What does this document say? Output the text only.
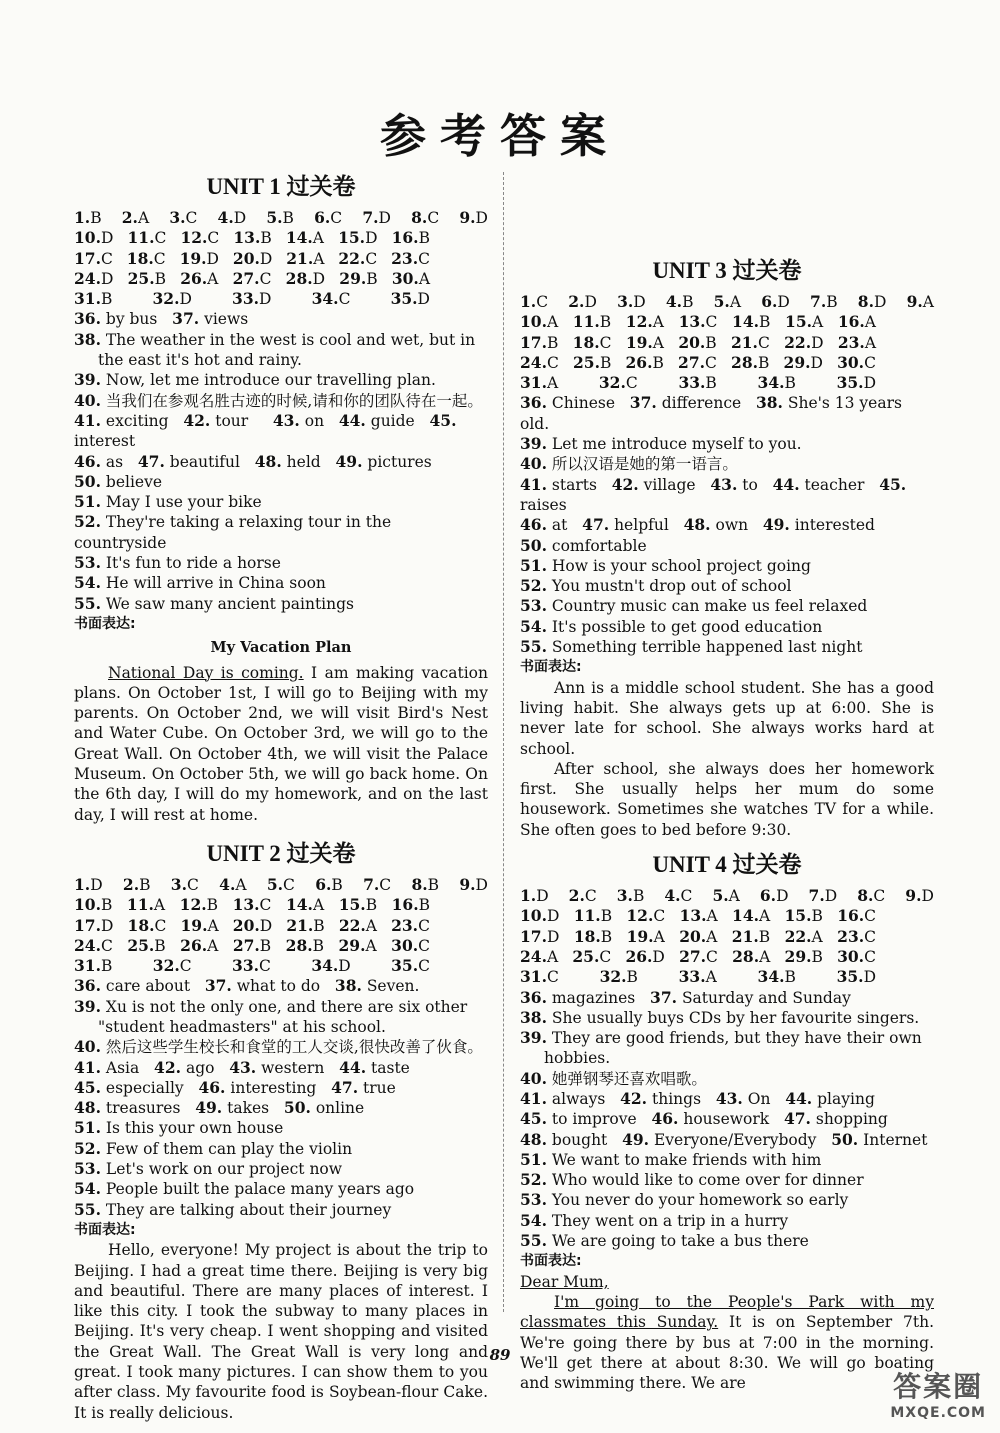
参考答案
UNIT 1 过关卷
1.B 2.A 3.C 4.D 5.B 6.C 7.D 8.C 9.D
10.D 11.C 12.C 13.B 14.A 15.D 16.B
17.C 18.C 19.D 20.D 21.A 22.C 23.C
24.D 25.B 26.A 27.C 28.D 29.B 30.A
31.B	32.D	33.D	34.C	35.D
36. by bus 37. views
38. The weather in the west is cool and wet, but in the east it's hot and rainy.
39. Now, let me introduce our travelling plan.
40. 当我们在参观名胜古迹的时候,请和你的团队待在一起。
41. exciting 42. tour 43. on 44. guide 45. interest
46. as 47. beautiful 48. held 49. pictures
50. believe
51. May I use your bike
52. They're taking a relaxing tour in the countryside
53. It's fun to ride a horse
54. He will arrive in China soon
55. We saw many ancient paintings
书面表达:
My Vacation Plan
National Day is coming. I am making vacation plans. On October 1st, I will go to Beijing with my parents. On October 2nd, we will visit Bird's Nest and Water Cube. On October 3rd, we will go to the Great Wall. On October 4th, we will visit the Palace Museum. On October 5th, we will go back home. On the 6th day, I will do my homework, and on the last day, I will rest at home.
UNIT 2 过关卷
1.D 2.B 3.C 4.A 5.C 6.B 7.C 8.B 9.D
10.B 11.A 12.B 13.C 14.A 15.B 16.B
17.D 18.C 19.A 20.D 21.B 22.A 23.C
24.C 25.B 26.A 27.B 28.B 29.A 30.C
31.B	32.C	33.C	34.D	35.C
36. care about 37. what to do 38. Seven.
39. Xu is not the only one, and there are six other "student headmasters" at his school.
40. 然后这些学生校长和食堂的工人交谈,很快改善了伙食。
41. Asia 42. ago 43. western 44. taste
45. especially 46. interesting 47. true
48. treasures 49. takes 50. online
51. Is this your own house
52. Few of them can play the violin
53. Let's work on our project now
54. People built the palace many years ago
55. They are talking about their journey
书面表达:
Hello, everyone! My project is about the trip to Beijing. I had a great time there. Beijing is very big and beautiful. There are many places of interest. I like this city. I took the subway to many places in Beijing. It's very cheap. I went shopping and visited the Great Wall. The Great Wall is very long and great. I took many pictures. I can show them to you after class. My favourite food is Soybean-flour Cake. It is really delicious.
UNIT 3 过关卷
1.C 2.D 3.D 4.B 5.A 6.D 7.B 8.D 9.A
10.A 11.B 12.A 13.C 14.B 15.A 16.A
17.B 18.C 19.A 20.B 21.C 22.D 23.A
24.C 25.B 26.B 27.C 28.B 29.D 30.C
31.A	32.C	33.B	34.B	35.D
36. Chinese 37. difference 38. She's 13 years old.
39. Let me introduce myself to you.
40. 所以汉语是她的第一语言。
41. starts 42. village 43. to 44. teacher 45. raises
46. at 47. helpful 48. own 49. interested
50. comfortable
51. How is your school project going
52. You mustn't drop out of school
53. Country music can make us feel relaxed
54. It's possible to get good education
55. Something terrible happened last night
书面表达:
Ann is a middle school student. She has a good living habit. She always gets up at 6:00. She is never late for school. She always works hard at school.
After school, she always does her homework first. She usually helps her mum do some housework. Sometimes she watches TV for a while. She often goes to bed before 9:30.
UNIT 4 过关卷
1.D 2.C 3.B 4.C 5.A 6.D 7.D 8.C 9.D
10.D 11.B 12.C 13.A 14.A 15.B 16.C
17.D 18.B 19.A 20.A 21.B 22.A 23.C
24.A 25.C 26.D 27.C 28.A 29.B 30.C
31.C	32.B	33.A	34.B	35.D
36. magazines 37. Saturday and Sunday
38. She usually buys CDs by her favourite singers.
39. They are good friends, but they have their own hobbies.
40. 她弹钢琴还喜欢唱歌。
41. always 42. things 43. On 44. playing
45. to improve 46. housework 47. shopping
48. bought 49. Everyone/Everybody 50. Internet
51. We want to make friends with him
52. Who would like to come over for dinner
53. You never do your homework so early
54. They went on a trip in a hurry
55. We are going to take a bus there
书面表达:
Dear Mum,
I'm going to the People's Park with my classmates this Sunday. It is on September 7th. We're going there by bus at 7:00 in the morning. We'll get there at about 8:30. We will go boating and swimming there. We are
89
答案圈
MXQE.COM
